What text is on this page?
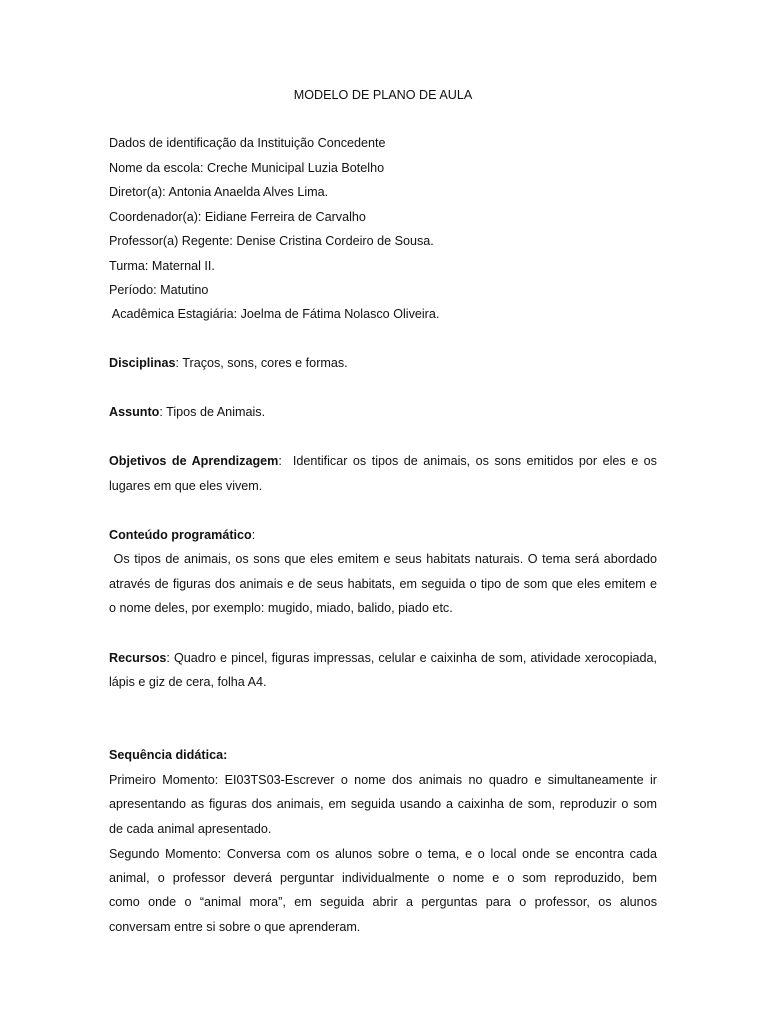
MODELO DE PLANO DE AULA
Dados de identificação da Instituição Concedente
Nome da escola: Creche Municipal Luzia Botelho
Diretor(a): Antonia Anaelda Alves Lima.
Coordenador(a): Eidiane Ferreira de Carvalho
Professor(a) Regente: Denise Cristina Cordeiro de Sousa.
Turma: Maternal II.
Período: Matutino
Acadêmica Estagiária: Joelma de Fátima Nolasco Oliveira.
Disciplinas: Traços, sons, cores e formas.
Assunto: Tipos de Animais.
Objetivos de Aprendizagem:  Identificar os tipos de animais, os sons emitidos por eles e os
lugares em que eles vivem.
Conteúdo programático:
Os tipos de animais, os sons que eles emitem e seus habitats naturais. O tema será abordado
através de figuras dos animais e de seus habitats, em seguida o tipo de som que eles emitem e
o nome deles, por exemplo: mugido, miado, balido, piado etc.
Recursos: Quadro e pincel, figuras impressas, celular e caixinha de som, atividade xerocopiada,
lápis e giz de cera, folha A4.
Sequência didática:
Primeiro Momento: EI03TS03-Escrever o nome dos animais no quadro e simultaneamente ir
apresentando as figuras dos animais, em seguida usando a caixinha de som, reproduzir o som
de cada animal apresentado.
Segundo Momento: Conversa com os alunos sobre o tema, e o local onde se encontra cada
animal, o professor deverá perguntar individualmente o nome e o som reproduzido, bem
como onde o “animal mora”, em seguida abrir a perguntas para o professor, os alunos
conversam entre si sobre o que aprenderam.
